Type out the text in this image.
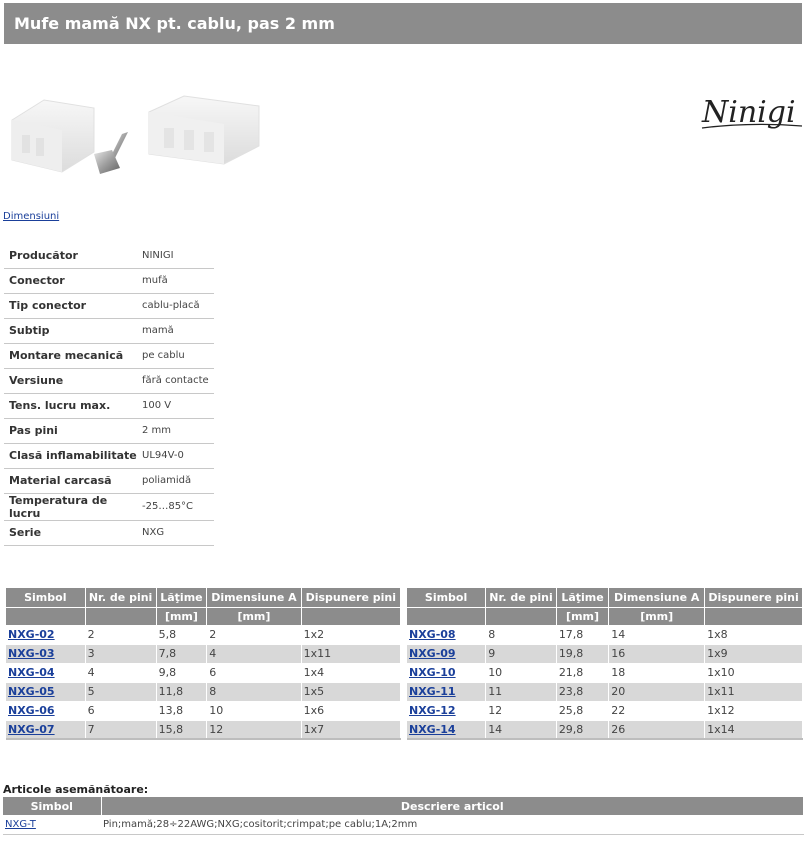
Mufe mamă NX pt. cablu, pas 2 mm
Ninigi
Dimensiuni
Producător	NINIGI
Conector	mufă
Tip conector	cablu-placă
Subtip	mamă
Montare mecanică	pe cablu
Versiune	fără contacte
Tens. lucru max.	100 V
Pas pini	2 mm
Clasă inflamabilitate	UL94V-0
Material carcasă	poliamidă
Temperatura de lucru	-25…85°C
Serie	NXG
Simbol	Nr. de pini	Lăţime	Dimensiune A	Dispunere pini
		[mm]	[mm]	
NXG-02	2	5,8	2	1x2
NXG-03	3	7,8	4	1x11
NXG-04	4	9,8	6	1x4
NXG-05	5	11,8	8	1x5
NXG-06	6	13,8	10	1x6
NXG-07	7	15,8	12	1x7
Simbol	Nr. de pini	Lăţime	Dimensiune A	Dispunere pini
		[mm]	[mm]	
NXG-08	8	17,8	14	1x8
NXG-09	9	19,8	16	1x9
NXG-10	10	21,8	18	1x10
NXG-11	11	23,8	20	1x11
NXG-12	12	25,8	22	1x12
NXG-14	14	29,8	26	1x14
Articole asemănătoare:
Simbol	Descriere articol
NXG-T	Pin;mamă;28÷22AWG;NXG;cositorit;crimpat;pe cablu;1A;2mm
